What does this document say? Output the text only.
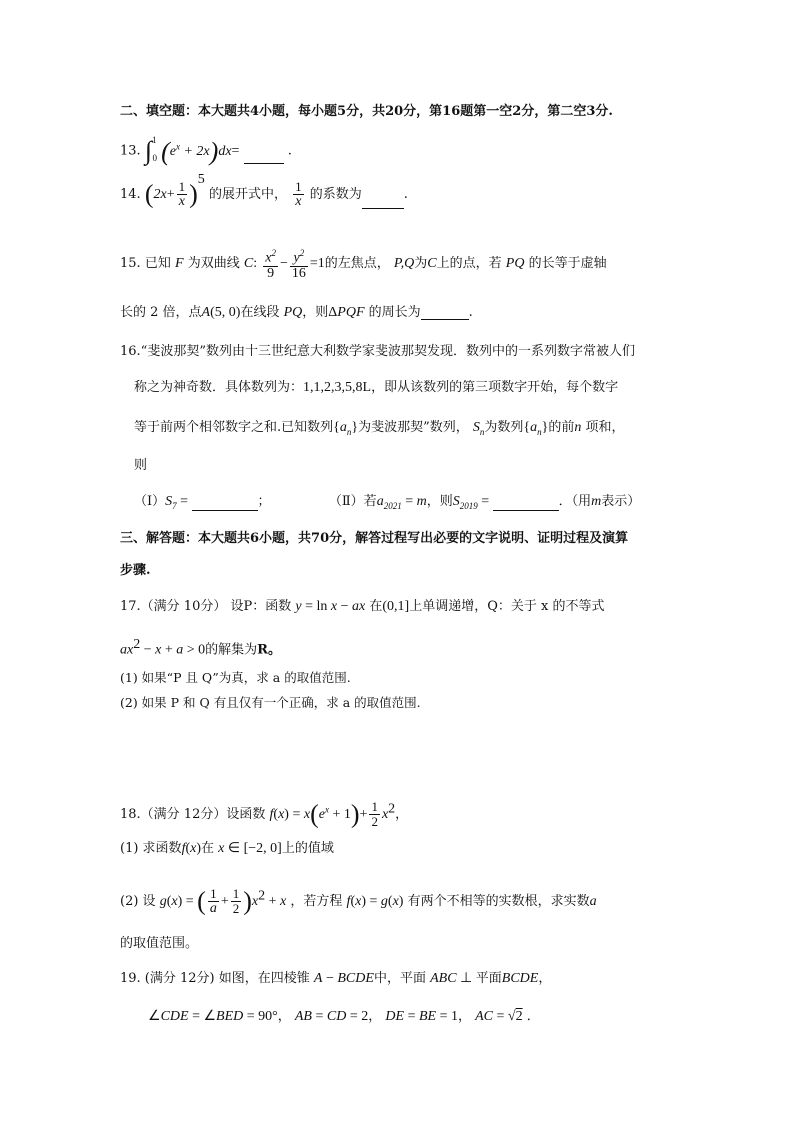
二、填空题：本大题共4小题，每小题5分，共20分，第16题第一空2分，第二空3分.
13. ∫$^1_0$ $(e^x + 2x)dx=$	.
14. $(2x+ \frac{1}{x} )^5$ 的展开式中， $\frac{1}{x}$ 的系数为	.
15. 已知 F 为双曲线 C: $\frac{x^2}{9} - \frac{y^2}{16} =1$的左焦点， P,Q为C上的点，若 PQ 的长等于虚轴
长的 2 倍，点A(5, 0)在线段 PQ，则ΔPQF 的周长为	.
16.“斐波那契”数列由十三世纪意大利数学家斐波那契发现．数列中的一系列数字常被人们
称之为神奇数．具体数列为：1,1,2,3,5,8L，即从该数列的第三项数字开始，每个数字
等于前两个相邻数字之和.已知数列$\{a_n\}$为斐波那契”数列， $S_n$为数列$\{a_n\}$的前n 项和，
则
$(Ⅰ)S_7$ =	；	（Ⅱ）若$a_{2021} = m$，则$S_{2019}$ =	．（用m表示）
三、解答题：本大题共6小题，共70分，解答过程写出必要的文字说明、证明过程及演算
步骤.
17.（满分 10分） 设P：函数 y = ln x − ax 在(0,1]上单调递增，Q：关于 x 的不等式
$ax^2 - x + a > 0$的解集为R。
(1) 如果“P 且 Q”为真，求 a 的取值范围.
(2) 如果 P 和 Q 有且仅有一个正确，求 a 的取值范围.
18.（满分 12分）设函数 $f(x) = x(e^x + 1)+ \frac{1}{2} x^2$，
(1) 求函数f(x)在 x ∈ [−2, 0]上的值域
(2) 设 g(x) = ( $\frac{1}{a} + \frac{1}{2} )x^2 + x$ ，若方程 f(x) = g(x) 有两个不相等的实数根，求实数a
的取值范围。
19. (满分 12分) 如图，在四棱锥 A − BCDE中，平面 ABC ⊥ 平面BCDE，
∠CDE = ∠BED = 90°， AB = CD = 2， DE = BE = 1， AC = √2 ．
